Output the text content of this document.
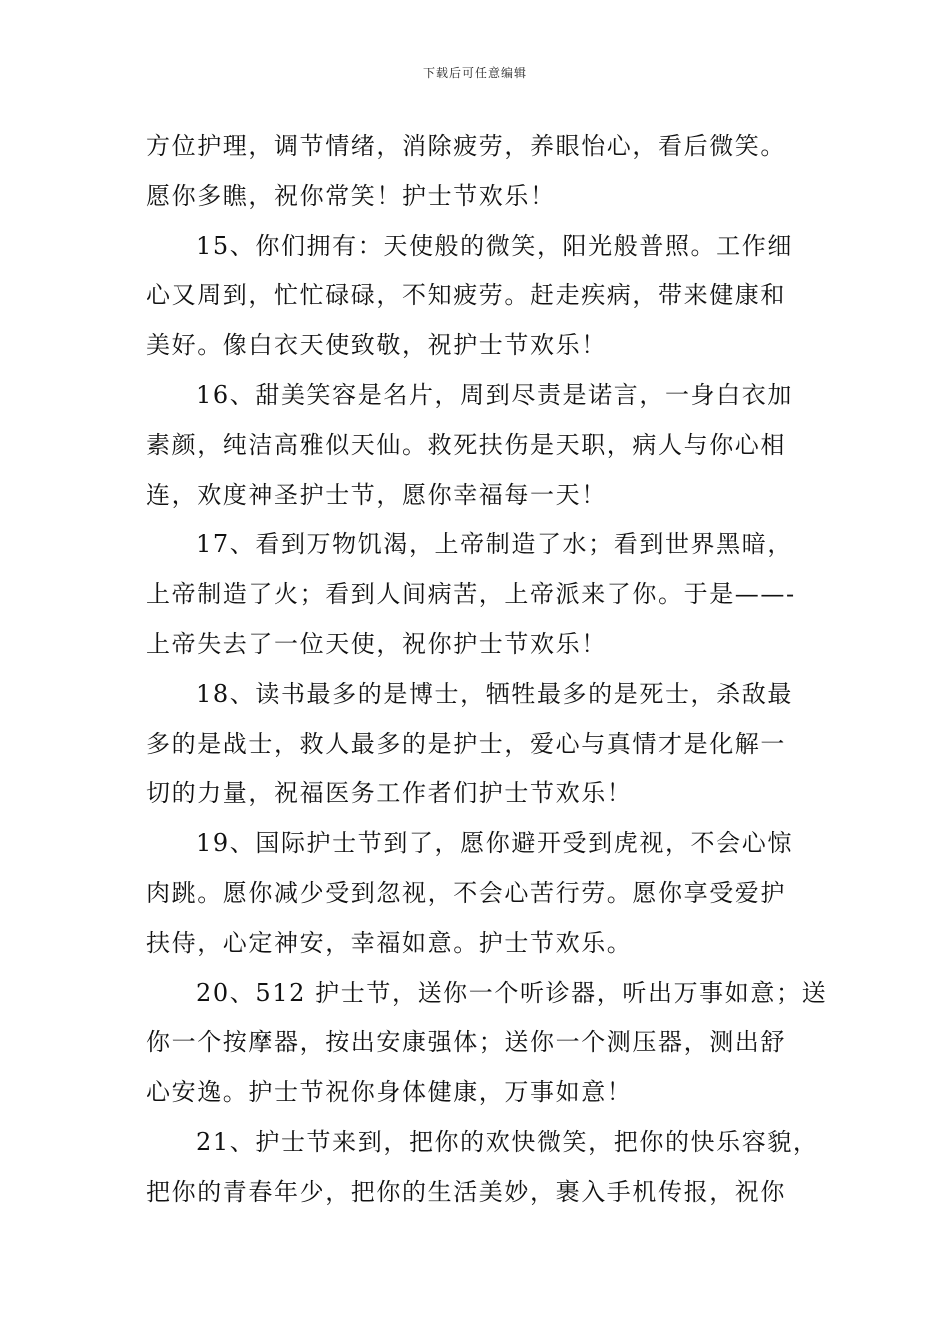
下载后可任意编辑
方位护理，调节情绪，消除疲劳，养眼怡心，看后微笑。
愿你多瞧，祝你常笑！护士节欢乐！
15、你们拥有：天使般的微笑，阳光般普照。工作细
心又周到，忙忙碌碌，不知疲劳。赶走疾病，带来健康和
美好。像白衣天使致敬，祝护士节欢乐！
16、甜美笑容是名片，周到尽责是诺言，一身白衣加
素颜，纯洁高雅似天仙。救死扶伤是天职，病人与你心相
连，欢度神圣护士节，愿你幸福每一天！
17、看到万物饥渴，上帝制造了水；看到世界黑暗，
上帝制造了火；看到人间病苦，上帝派来了你。于是——-
上帝失去了一位天使，祝你护士节欢乐！
18、读书最多的是博士，牺牲最多的是死士，杀敌最
多的是战士，救人最多的是护士，爱心与真情才是化解一
切的力量，祝福医务工作者们护士节欢乐！
19、国际护士节到了，愿你避开受到虎视，不会心惊
肉跳。愿你减少受到忽视，不会心苦行劳。愿你享受爱护
扶侍，心定神安，幸福如意。护士节欢乐。
20、512 护士节，送你一个听诊器，听出万事如意；送
你一个按摩器，按出安康强体；送你一个测压器，测出舒
心安逸。护士节祝你身体健康，万事如意！
21、护士节来到，把你的欢快微笑，把你的快乐容貌，
把你的青春年少，把你的生活美妙，裹入手机传报，祝你
